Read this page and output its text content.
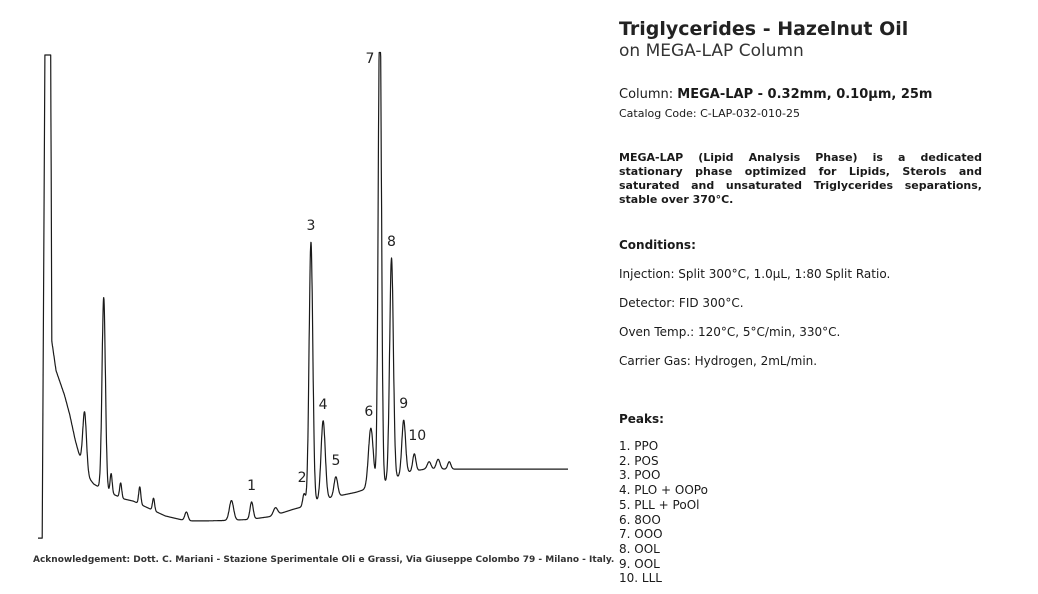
1
2
3
4
5
6
7
8
9
10
Acknowledgement: Dott. C. Mariani - Stazione Sperimentale Oli e Grassi, Via Giuseppe Colombo 79 - Milano - Italy.
Triglycerides - Hazelnut Oil
on MEGA-LAP Column
Column: MEGA-LAP - 0.32mm, 0.10μm, 25m
Catalog Code: C-LAP-032-010-25
MEGA-LAP (Lipid Analysis Phase) is a dedicated stationary phase optimized for Lipids, Sterols and saturated and unsaturated Triglycerides separations, stable over 370°C.
Conditions:
Injection: Split 300°C, 1.0μL, 1:80 Split Ratio.
Detector: FID 300°C.
Oven Temp.: 120°C, 5°C/min, 330°C.
Carrier Gas: Hydrogen, 2mL/min.
Peaks:
1. PPO
2. POS
3. POO
4. PLO + OOPo
5. PLL + PoOl
6. 8OO
7. OOO
8. OOL
9. OOL
10. LLL
